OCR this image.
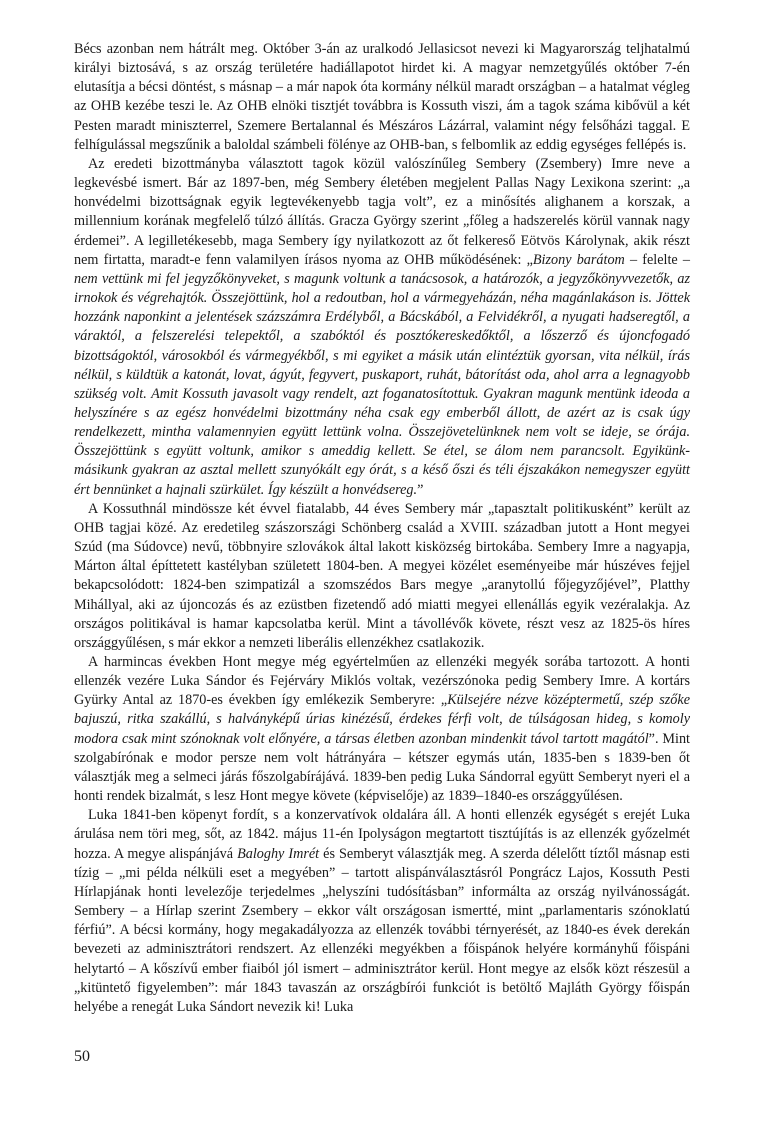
Bécs azonban nem hátrált meg. Október 3-án az uralkodó Jellasicsot nevezi ki Magyarország teljhatalmú királyi biztosává, s az ország területére hadiállapotot hirdet ki. A magyar nemzetgyűlés október 7-én elutasítja a bécsi döntést, s másnap – a már napok óta kormány nélkül maradt országban – a hatalmat végleg az OHB kezébe teszi le. Az OHB elnöki tisztjét továbbra is Kossuth viszi, ám a tagok száma kibővül a két Pesten maradt miniszterrel, Szemere Bertalannal és Mészáros Lázárral, valamint négy felsőházi taggal. E felhígulással megszűnik a baloldal számbeli fölénye az OHB-ban, s felbomlik az eddig egységes fellépés is.

Az eredeti bizottmányba választott tagok közül valószínűleg Sembery (Zsembery) Imre neve a legkevésbé ismert. Bár az 1897-ben, még Sembery életében megjelent Pallas Nagy Lexikona szerint: „a honvédelmi bizottságnak egyik legtevékenyebb tagja volt”, ez a minősítés alighanem a korszak, a millennium korának megfelelő túlzó állítás. Gracza György szerint „főleg a hadszerelés körül vannak nagy érdemei”. A legilletékesebb, maga Sembery így nyilatkozott az őt felkereső Eötvös Károlynak, akik részt nem firtatta, maradt-e fenn valamilyen írásos nyoma az OHB működésének: „Bizony barátom – felelte – nem vettünk mi fel jegyzőkönyveket, s magunk voltunk a tanácsosok, a határozók, a jegyzőkönyvvezetők, az irnokok és végrehajtók. Összejöttünk, hol a redoutban, hol a vármegyeházán, néha magánlakáson is. Jöttek hozzánk naponkint a jelentések százszámra Erdélyből, a Bácskából, a Felvidékről, a nyugati hadseregtől, a váraktól, a felszerelési telepektől, a szabóktól és posztókereskedőktől, a lőszerző és újoncfogadó bizottságoktól, városokból és vármegyékből, s mi egyiket a másik után elintéztük gyorsan, vita nélkül, írás nélkül, s küldtük a katonát, lovat, ágyút, fegyvert, puskaport, ruhát, bátorítást oda, ahol arra a legnagyobb szükség volt. Amit Kossuth javasolt vagy rendelt, azt foganatosítottuk. Gyakran magunk mentünk ideoda a helyszínére s az egész honvédelmi bizottmány néha csak egy emberből állott, de azért az is csak úgy rendelkezett, mintha valamennyien együtt lettünk volna. Összejövetelünknek nem volt se ideje, se órája. Összejöttünk s együtt voltunk, amikor s ameddig kellett. Se étel, se álom nem parancsolt. Egyikünk-másikunk gyakran az asztal mellett szunyókált egy órát, s a késő őszi és téli éjszakákon nemegyszer együtt ért bennünket a hajnali szürkület. Így készült a honvédsereg.”

A Kossuthnál mindössze két évvel fiatalabb, 44 éves Sembery már „tapasztalt politikusként” került az OHB tagjai közé. Az eredetileg szászországi Schönberg család a XVIII. században jutott a Hont megyei Szúd (ma Súdovce) nevű, többnyire szlovákok által lakott kisközség birtokába. Sembery Imre a nagyapja, Márton által építtetett kastélyban született 1804-ben. A megyei közélet eseményeibe már húszéves fejjel bekapcsolódott: 1824-ben szimpatizál a szomszédos Bars megye „aranytollú főjegyzőjével”, Platthy Mihállyal, aki az újoncozás és az ezüstben fizetendő adó miatti megyei ellenállás egyik vezéralakja. Az országos politikával is hamar kapcsolatba kerül. Mint a távollévők követe, részt vesz az 1825-ös híres országgyűlésen, s már ekkor a nemzeti liberális ellenzékhez csatlakozik.

A harmincas években Hont megye még egyértelműen az ellenzéki megyék sorába tartozott. A honti ellenzék vezére Luka Sándor és Fejérváry Miklós voltak, vezérszónoka pedig Sembery Imre. A kortárs Gyürky Antal az 1870-es években így emlékezik Semberyre: „Külsejére nézve középtermetű, szép szőke bajuszú, ritka szakállú, s halványképű úrias kinézésű, érdekes férfi volt, de túlságosan hideg, s komoly modora csak mint szónoknak volt előnyére, a társas életben azonban mindenkit távol tartott magától”. Mint szolgabírónak e modor persze nem volt hátrányára – kétszer egymás után, 1835-ben s 1839-ben őt választják meg a selmeci járás főszolgabírájává. 1839-ben pedig Luka Sándorral együtt Semberyt nyeri el a honti rendek bizalmát, s lesz Hont megye követe (képviselője) az 1839–1840-es országgyűlésen.

Luka 1841-ben köpenyt fordít, s a konzervatívok oldalára áll. A honti ellenzék egységét s erejét Luka árulása nem töri meg, sőt, az 1842. május 11-én Ipolyságon megtartott tisztújítás is az ellenzék győzelmét hozza. A megye alispánjává Baloghy Imrét és Semberyt választják meg. A szerda délelőtt tíztől másnap esti tízig – „mi példa nélküli eset a megyében” – tartott alispánválasztásról Pongrácz Lajos, Kossuth Pesti Hírlapjának honti levelezője terjedelmes „helyszíni tudósításban” informálta az ország nyilvánosságát. Sembery – a Hírlap szerint Zsembery – ekkor vált országosan ismertté, mint „parlamentaris szónoklatú férfiú”. A bécsi kormány, hogy megakadályozza az ellenzék további térnyerését, az 1840-es évek derekán bevezeti az adminisztrátori rendszert. Az ellenzéki megyékben a főispánok helyére kormányhű főispáni helytartó – A kőszívű ember fiaiból jól ismert – adminisztrátor kerül. Hont megye az elsők közt részesül a „kitüntető figyelemben”: már 1843 tavaszán az országbírói funkciót is betöltő Majláth György főispán helyébe a renegát Luka Sándort nevezik ki! Luka

50
